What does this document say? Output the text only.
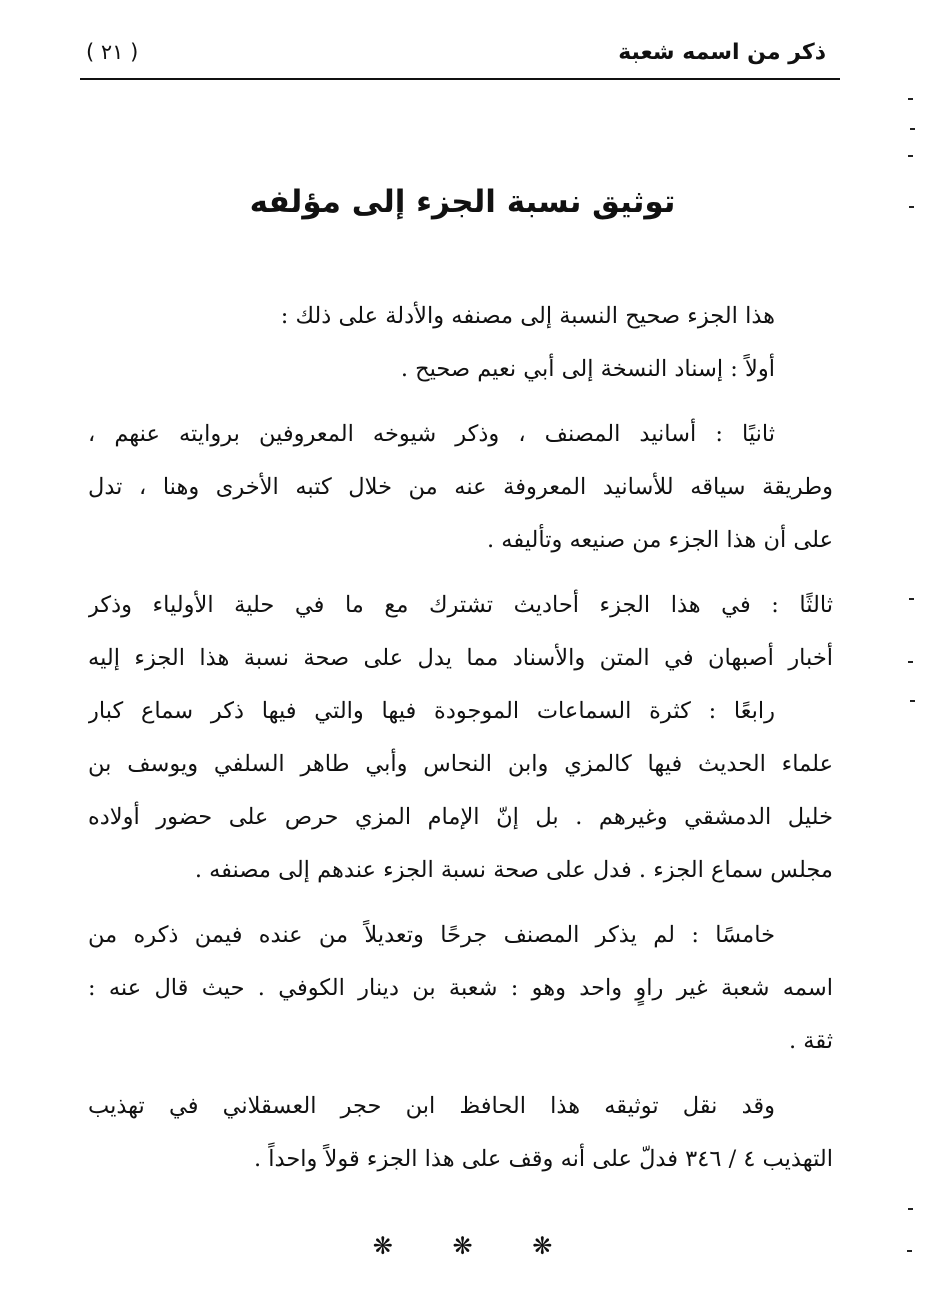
ذكر من اسمه شعبة
( ٢١ )
توثيق نسبة الجزء إلى مؤلفه
هذا الجزء صحيح النسبة إلى مصنفه والأدلة على ذلك :
أولاً : إسناد النسخة إلى أبي نعيم صحيح .
ثانيًا : أسانيد المصنف ، وذكر شيوخه المعروفين بروايته عنهم ،
وطريقة سياقه للأسانيد المعروفة عنه من خلال كتبه الأخرى وهنا ، تدل
على أن هذا الجزء من صنيعه وتأليفه .
ثالثًا : في هذا الجزء أحاديث تشترك مع ما في حلية الأولياء وذكر
أخبار أصبهان في المتن والأسناد مما يدل على صحة نسبة هذا الجزء إليه
رابعًا : كثرة السماعات الموجودة فيها والتي فيها ذكر سماع كبار
علماء الحديث فيها كالمزي وابن النحاس وأبي طاهر السلفي ويوسف بن
خليل الدمشقي وغيرهم . بل إنّ الإمام المزي حرص على حضور أولاده
مجلس سماع الجزء . فدل على صحة نسبة الجزء عندهم إلى مصنفه .
خامسًا : لم يذكر المصنف جرحًا وتعديلاً من عنده فيمن ذكره من
اسمه شعبة غير راوٍ واحد وهو : شعبة بن دينار الكوفي . حيث قال عنه :
ثقة .
وقد نقل توثيقه هذا الحافظ ابن حجر العسقلاني في تهذيب
التهذيب ٤ / ٣٤٦ فدلّ على أنه وقف على هذا الجزء قولاً واحداً .
❋ ❋ ❋
